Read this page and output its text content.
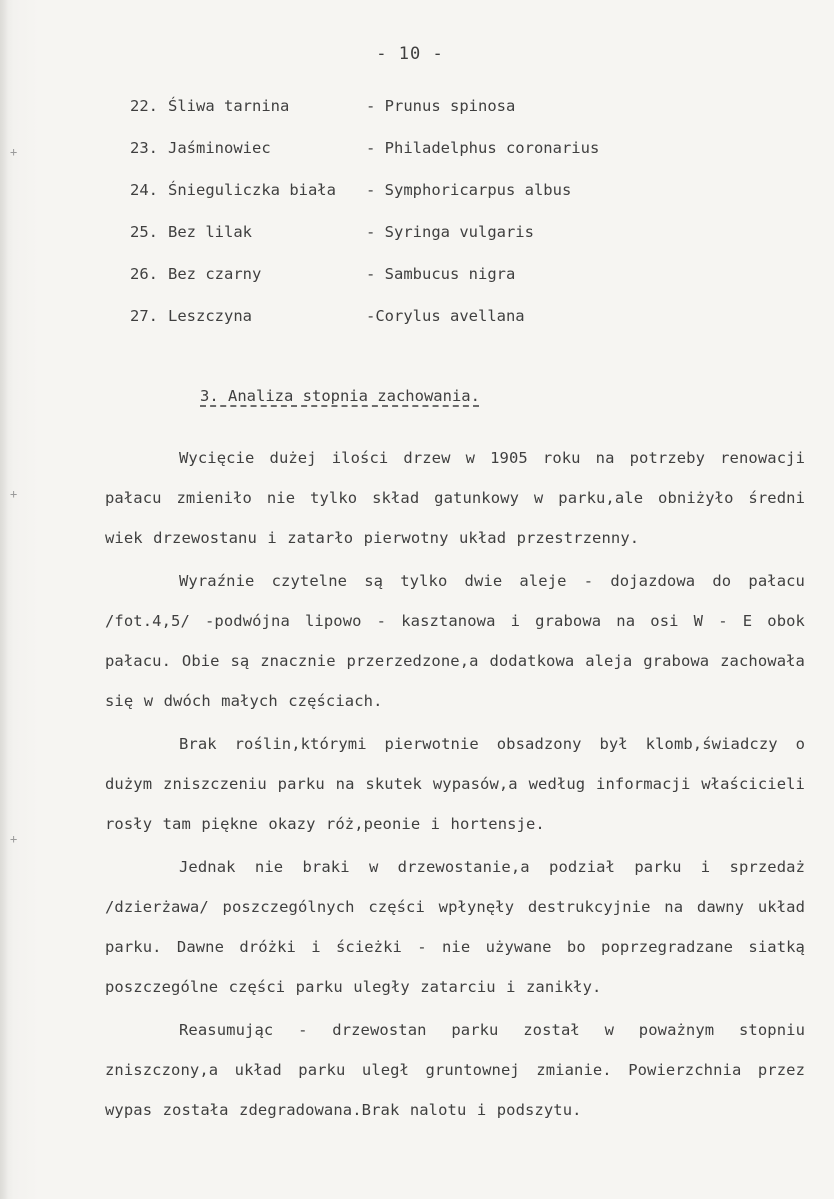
+
+
+
- 10 -
22. Śliwa tarnina	- Prunus spinosa
23. Jaśminowiec	- Philadelphus coronarius
24. Śnieguliczka biała	- Symphoricarpus albus
25. Bez lilak	- Syringa vulgaris
26. Bez czarny	- Sambucus nigra
27. Leszczyna	-Corylus avellana
3. Analiza stopnia zachowania.

Wycięcie dużej ilości drzew w 1905 roku na potrzeby renowacji pałacu zmieniło nie tylko skład gatunkowy w parku,ale obniżyło średni wiek drzewostanu i zatarło pierwotny układ przestrzenny.

Wyraźnie czytelne są tylko dwie aleje - dojazdowa do pałacu /fot.4,5/ -podwójna lipowo - kasztanowa i grabowa na osi W - E obok pałacu. Obie są znacznie przerzedzone,a dodatkowa aleja grabowa zachowała się w dwóch małych częściach.

Brak roślin,którymi pierwotnie obsadzony był klomb,świadczy o dużym zniszczeniu parku na skutek wypasów,a według informacji właścicieli rosły tam piękne okazy róż,peonie i hortensje.

Jednak nie braki w drzewostanie,a podział parku i sprzedaż /dzierżawa/ poszczególnych części wpłynęły destrukcyjnie na dawny układ parku. Dawne dróżki i ścieżki - nie używane bo poprzegradzane siatką poszczególne części parku uległy zatarciu i zanikły.

Reasumując - drzewostan parku został w poważnym stopniu zniszczony,a układ parku uległ gruntownej zmianie. Powierzchnia przez wypas została zdegradowana.Brak nalotu i podszytu.
